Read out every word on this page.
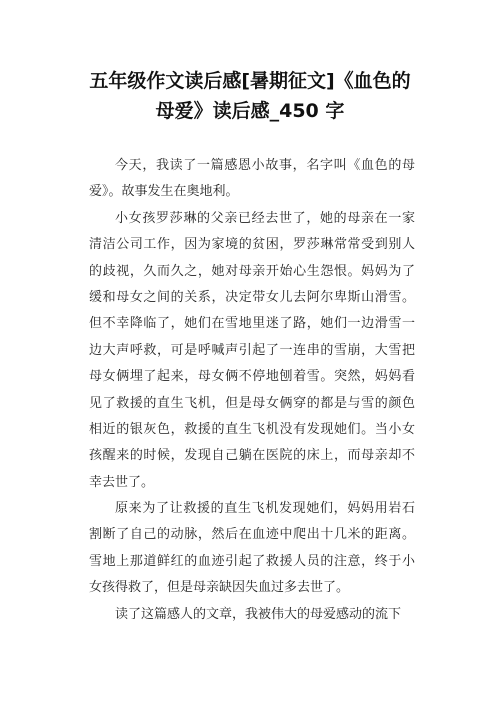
五年级作文读后感[暑期征文]《血色的
母爱》读后感_450 字
今天，我读了一篇感恩小故事，名字叫《血色的母
爱》。故事发生在奥地利。
小女孩罗莎琳的父亲已经去世了，她的母亲在一家
清洁公司工作，因为家境的贫困，罗莎琳常常受到别人
的歧视，久而久之，她对母亲开始心生怨恨。妈妈为了
缓和母女之间的关系，决定带女儿去阿尔卑斯山滑雪。
但不幸降临了，她们在雪地里迷了路，她们一边滑雪一
边大声呼救，可是呼喊声引起了一连串的雪崩，大雪把
母女俩埋了起来，母女俩不停地刨着雪。突然，妈妈看
见了救援的直生飞机，但是母女俩穿的都是与雪的颜色
相近的银灰色，救援的直生飞机没有发现她们。当小女
孩醒来的时候，发现自己躺在医院的床上，而母亲却不
幸去世了。
原来为了让救援的直生飞机发现她们，妈妈用岩石
割断了自己的动脉，然后在血迹中爬出十几米的距离。
雪地上那道鲜红的血迹引起了救援人员的注意，终于小
女孩得救了，但是母亲缺因失血过多去世了。
读了这篇感人的文章，我被伟大的母爱感动的流下
